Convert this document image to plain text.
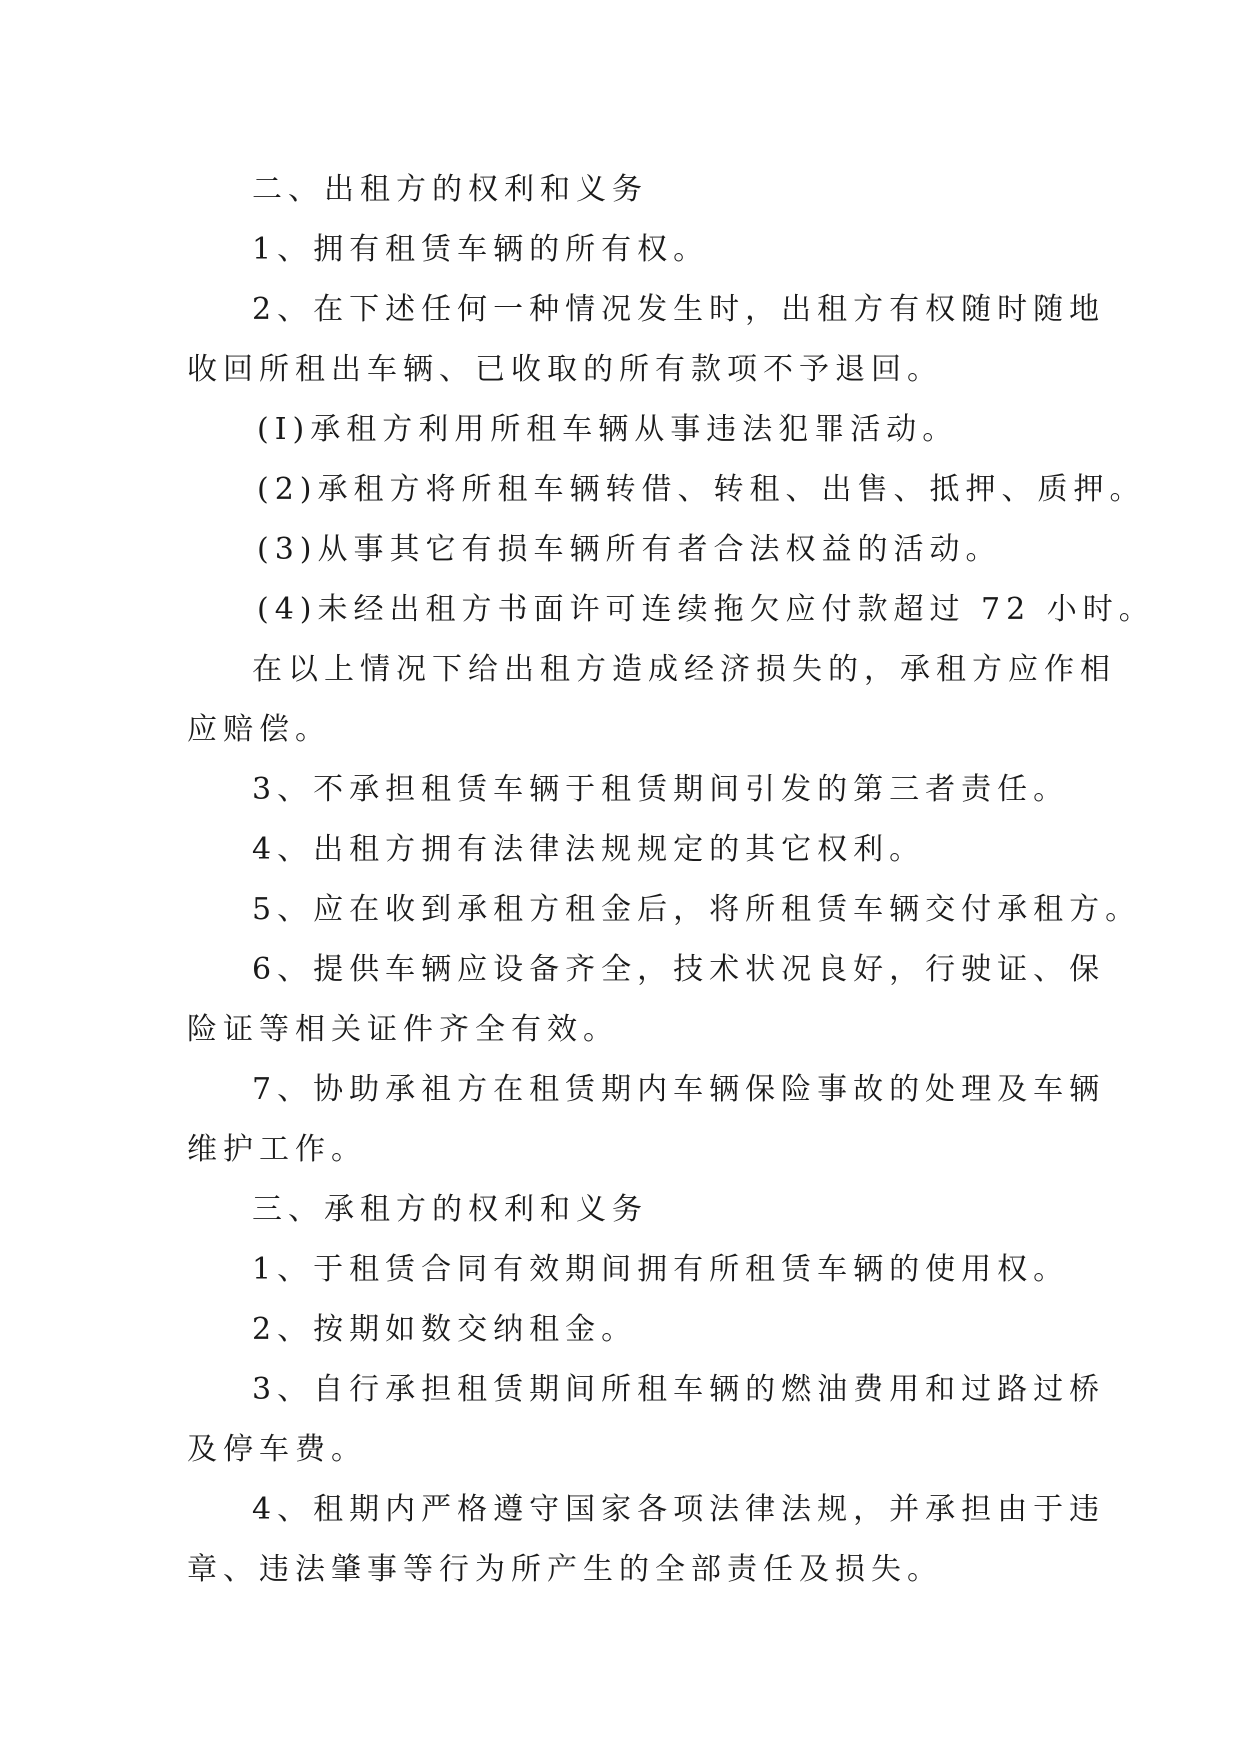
二、出租方的权利和义务
1、拥有租赁车辆的所有权。
2、在下述任何一种情况发生时，出租方有权随时随地
收回所租出车辆、已收取的所有款项不予退回。
(I)承租方利用所租车辆从事违法犯罪活动。
(2)承租方将所租车辆转借、转租、出售、抵押、质押。
(3)从事其它有损车辆所有者合法权益的活动。
(4)未经出租方书面许可连续拖欠应付款超过 72 小时。
在以上情况下给出租方造成经济损失的，承租方应作相
应赔偿。
3、不承担租赁车辆于租赁期间引发的第三者责任。
4、出租方拥有法律法规规定的其它权利。
5、应在收到承租方租金后，将所租赁车辆交付承租方。
6、提供车辆应设备齐全，技术状况良好，行驶证、保
险证等相关证件齐全有效。
7、协助承祖方在租赁期内车辆保险事故的处理及车辆
维护工作。
三、承租方的权利和义务
1、于租赁合同有效期间拥有所租赁车辆的使用权。
2、按期如数交纳租金。
3、自行承担租赁期间所租车辆的燃油费用和过路过桥
及停车费。
4、租期内严格遵守国家各项法律法规，并承担由于违
章、违法肇事等行为所产生的全部责任及损失。
